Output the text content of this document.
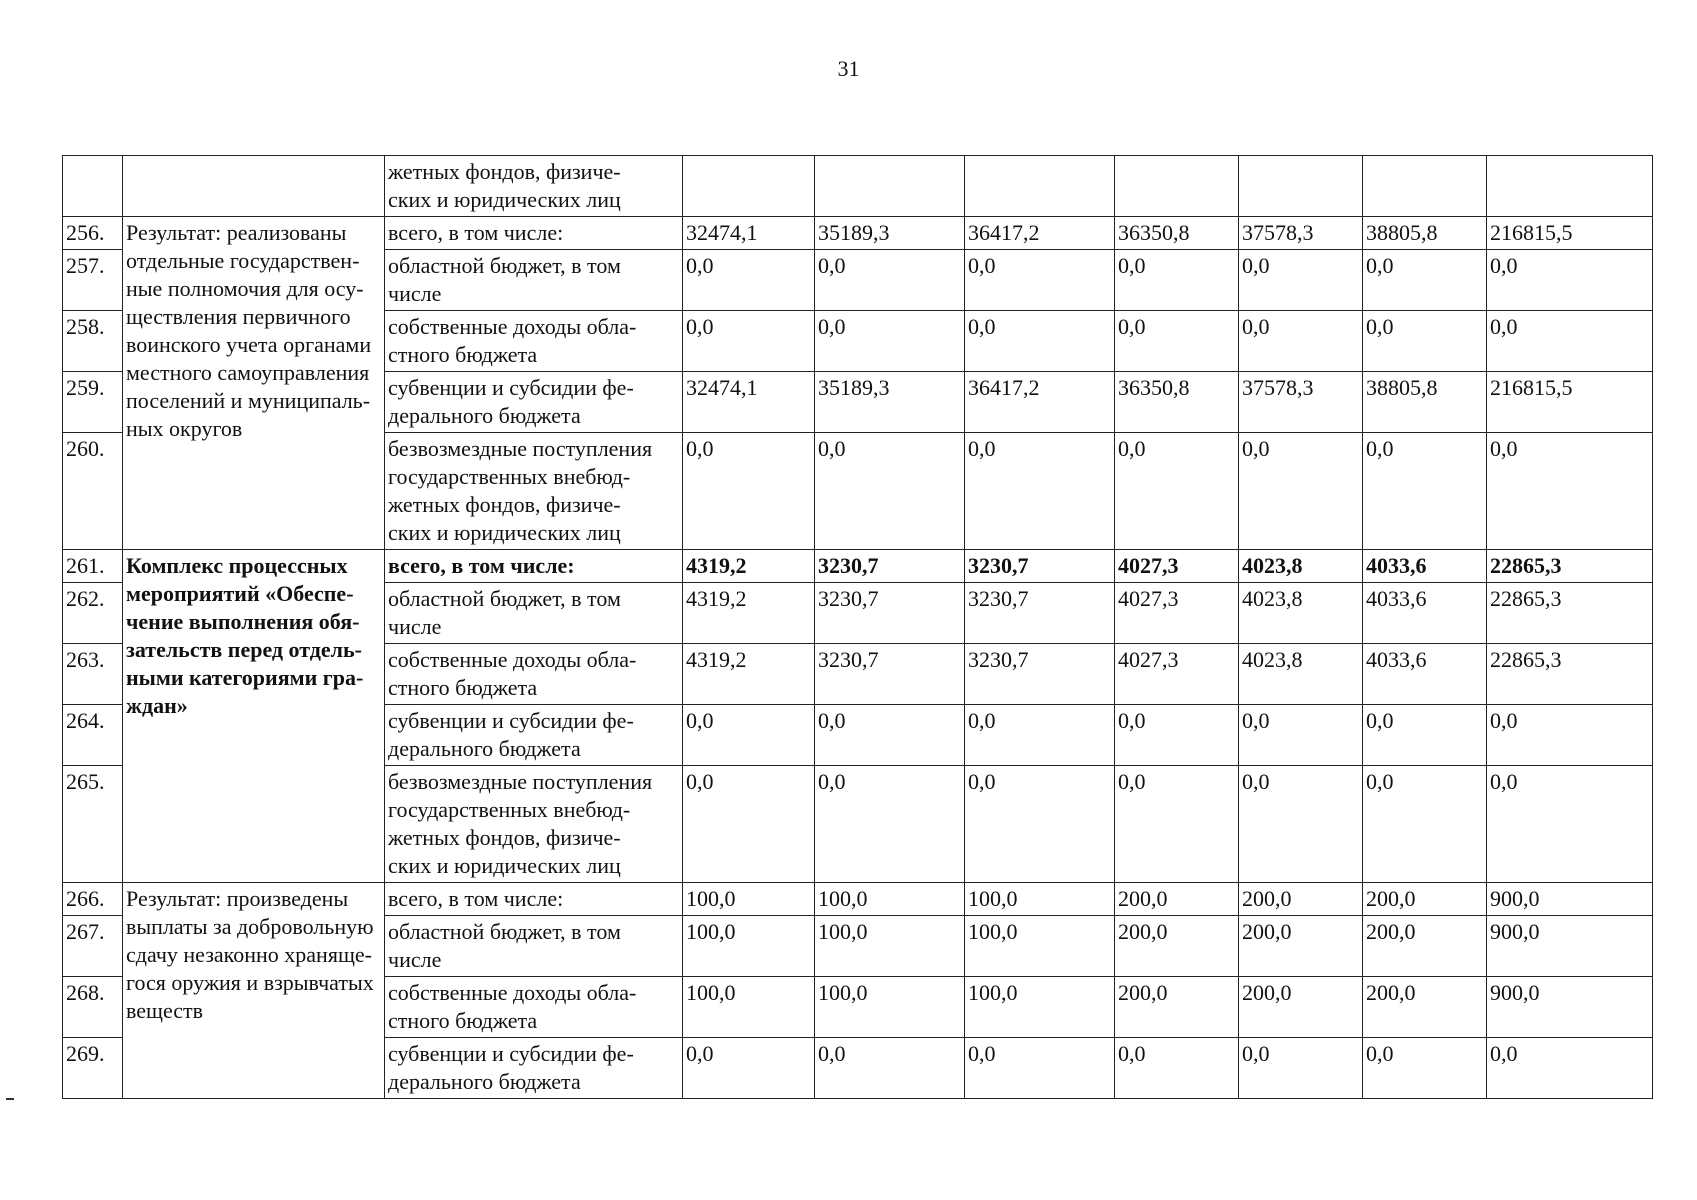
31
		жетных фондов, физиче-
ских и юридических лиц							
256.	Результат: реализованы отдельные государствен-ные полномочия для осу-ществления первичного воинского учета органами местного самоуправления поселений и муниципаль-ных округов	всего, в том числе:	32474,1	35189,3	36417,2	36350,8	37578,3	38805,8	216815,5
257.		областной бюджет, в том
числе	0,0	0,0	0,0	0,0	0,0	0,0	0,0
258.		собственные доходы обла-
стного бюджета	0,0	0,0	0,0	0,0	0,0	0,0	0,0
259.		субвенции и субсидии фе-
дерального бюджета	32474,1	35189,3	36417,2	36350,8	37578,3	38805,8	216815,5
260.		безвозмездные поступления
государственных внебюд-
жетных фондов, физиче-
ских и юридических лиц	0,0	0,0	0,0	0,0	0,0	0,0	0,0
261.	Комплекс процессных мероприятий «Обеспе-чение выполнения обя-зательств перед отдель-ными категориями гра-ждан»	всего, в том числе:	4319,2	3230,7	3230,7	4027,3	4023,8	4033,6	22865,3
262.		областной бюджет, в том
числе	4319,2	3230,7	3230,7	4027,3	4023,8	4033,6	22865,3
263.		собственные доходы обла-
стного бюджета	4319,2	3230,7	3230,7	4027,3	4023,8	4033,6	22865,3
264.		субвенции и субсидии фе-
дерального бюджета	0,0	0,0	0,0	0,0	0,0	0,0	0,0
265.		безвозмездные поступления
государственных внебюд-
жетных фондов, физиче-
ских и юридических лиц	0,0	0,0	0,0	0,0	0,0	0,0	0,0
266.	Результат: произведены выплаты за добровольную сдачу незаконно храняще-гося оружия и взрывчатых веществ	всего, в том числе:	100,0	100,0	100,0	200,0	200,0	200,0	900,0
267.		областной бюджет, в том
числе	100,0	100,0	100,0	200,0	200,0	200,0	900,0
268.		собственные доходы обла-
стного бюджета	100,0	100,0	100,0	200,0	200,0	200,0	900,0
269.		субвенции и субсидии фе-
дерального бюджета	0,0	0,0	0,0	0,0	0,0	0,0	0,0
